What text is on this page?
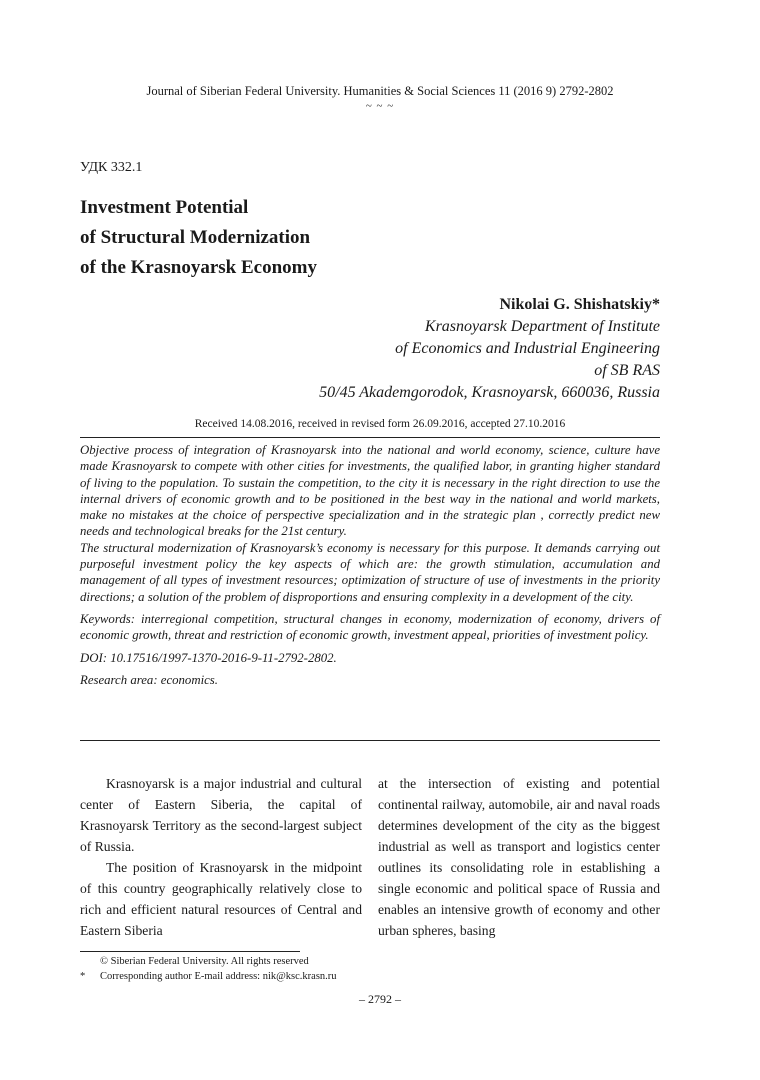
Journal of Siberian Federal University. Humanities & Social Sciences 11 (2016 9) 2792-2802
~ ~ ~
УДК 332.1
Investment Potential
of Structural Modernization
of the Krasnoyarsk Economy
Nikolai G. Shishatskiy*
Krasnoyarsk Department of Institute
of Economics and Industrial Engineering
of SB RAS
50/45 Akademgorodok, Krasnoyarsk, 660036, Russia
Received 14.08.2016, received in revised form 26.09.2016, accepted 27.10.2016

Objective process of integration of Krasnoyarsk into the national and world economy, science, culture have made Krasnoyarsk to compete with other cities for investments, the qualified labor, in granting higher standard of living to the population. To sustain the competition, to the city it is necessary in the right direction to use the internal drivers of economic growth and to be positioned in the best way in the national and world markets, make no mistakes at the choice of perspective specialization and in the strategic plan , correctly predict new needs and technological breaks for the 21st century.

The structural modernization of Krasnoyarsk’s economy is necessary for this purpose. It demands carrying out purposeful investment policy the key aspects of which are: the growth stimulation, accumulation and management of all types of investment resources; optimization of structure of use of investments in the priority directions; a solution of the problem of disproportions and ensuring complexity in a development of the city.

Keywords: interregional competition, structural changes in economy, modernization of economy, drivers of economic growth, threat and restriction of economic growth, investment appeal, priorities of investment policy.

DOI: 10.17516/1997-1370-2016-9-11-2792-2802.

Research area: economics.

Krasnoyarsk is a major industrial and cultural center of Eastern Siberia, the capital of Krasnoyarsk Territory as the second-largest subject of Russia.

The position of Krasnoyarsk in the midpoint of this country geographically relatively close to rich and efficient natural resources of Central and Eastern Siberia

at the intersection of existing and potential continental railway, automobile, air and naval roads determines development of the city as the biggest industrial as well as transport and logistics center outlines its consolidating role in establishing a single economic and political space of Russia and enables an intensive growth of economy and other urban spheres, basing

© Siberian Federal University. All rights reserved
*	Corresponding author E-mail address: nik@ksc.krasn.ru
– 2792 –
